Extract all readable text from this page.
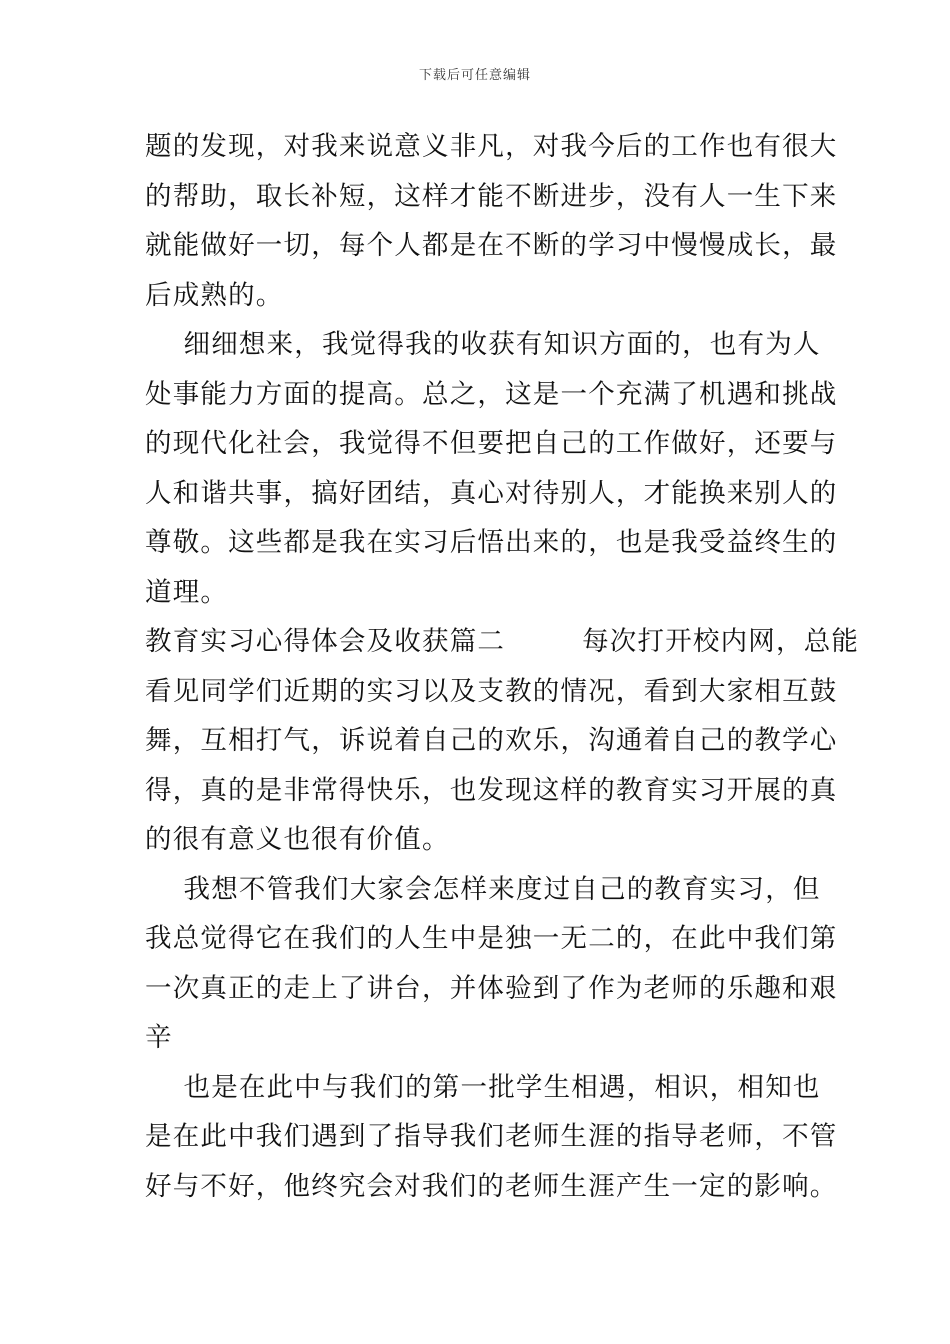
下载后可任意编辑
题的发现，对我来说意义非凡，对我今后的工作也有很大
的帮助，取长补短，这样才能不断进步，没有人一生下来
就能做好一切，每个人都是在不断的学习中慢慢成长，最
后成熟的。
细细想来，我觉得我的收获有知识方面的，也有为人
处事能力方面的提高。总之，这是一个充满了机遇和挑战
的现代化社会，我觉得不但要把自己的工作做好，还要与
人和谐共事，搞好团结，真心对待别人，才能换来别人的
尊敬。这些都是我在实习后悟出来的，也是我受益终生的
道理。
教育实习心得体会及收获篇二        每次打开校内网，总能
看见同学们近期的实习以及支教的情况，看到大家相互鼓
舞，互相打气，诉说着自己的欢乐，沟通着自己的教学心
得，真的是非常得快乐，也发现这样的教育实习开展的真
的很有意义也很有价值。
我想不管我们大家会怎样来度过自己的教育实习，但
我总觉得它在我们的人生中是独一无二的，在此中我们第
一次真正的走上了讲台，并体验到了作为老师的乐趣和艰
辛
也是在此中与我们的第一批学生相遇，相识，相知也
是在此中我们遇到了指导我们老师生涯的指导老师，不管
好与不好，他终究会对我们的老师生涯产生一定的影响。
